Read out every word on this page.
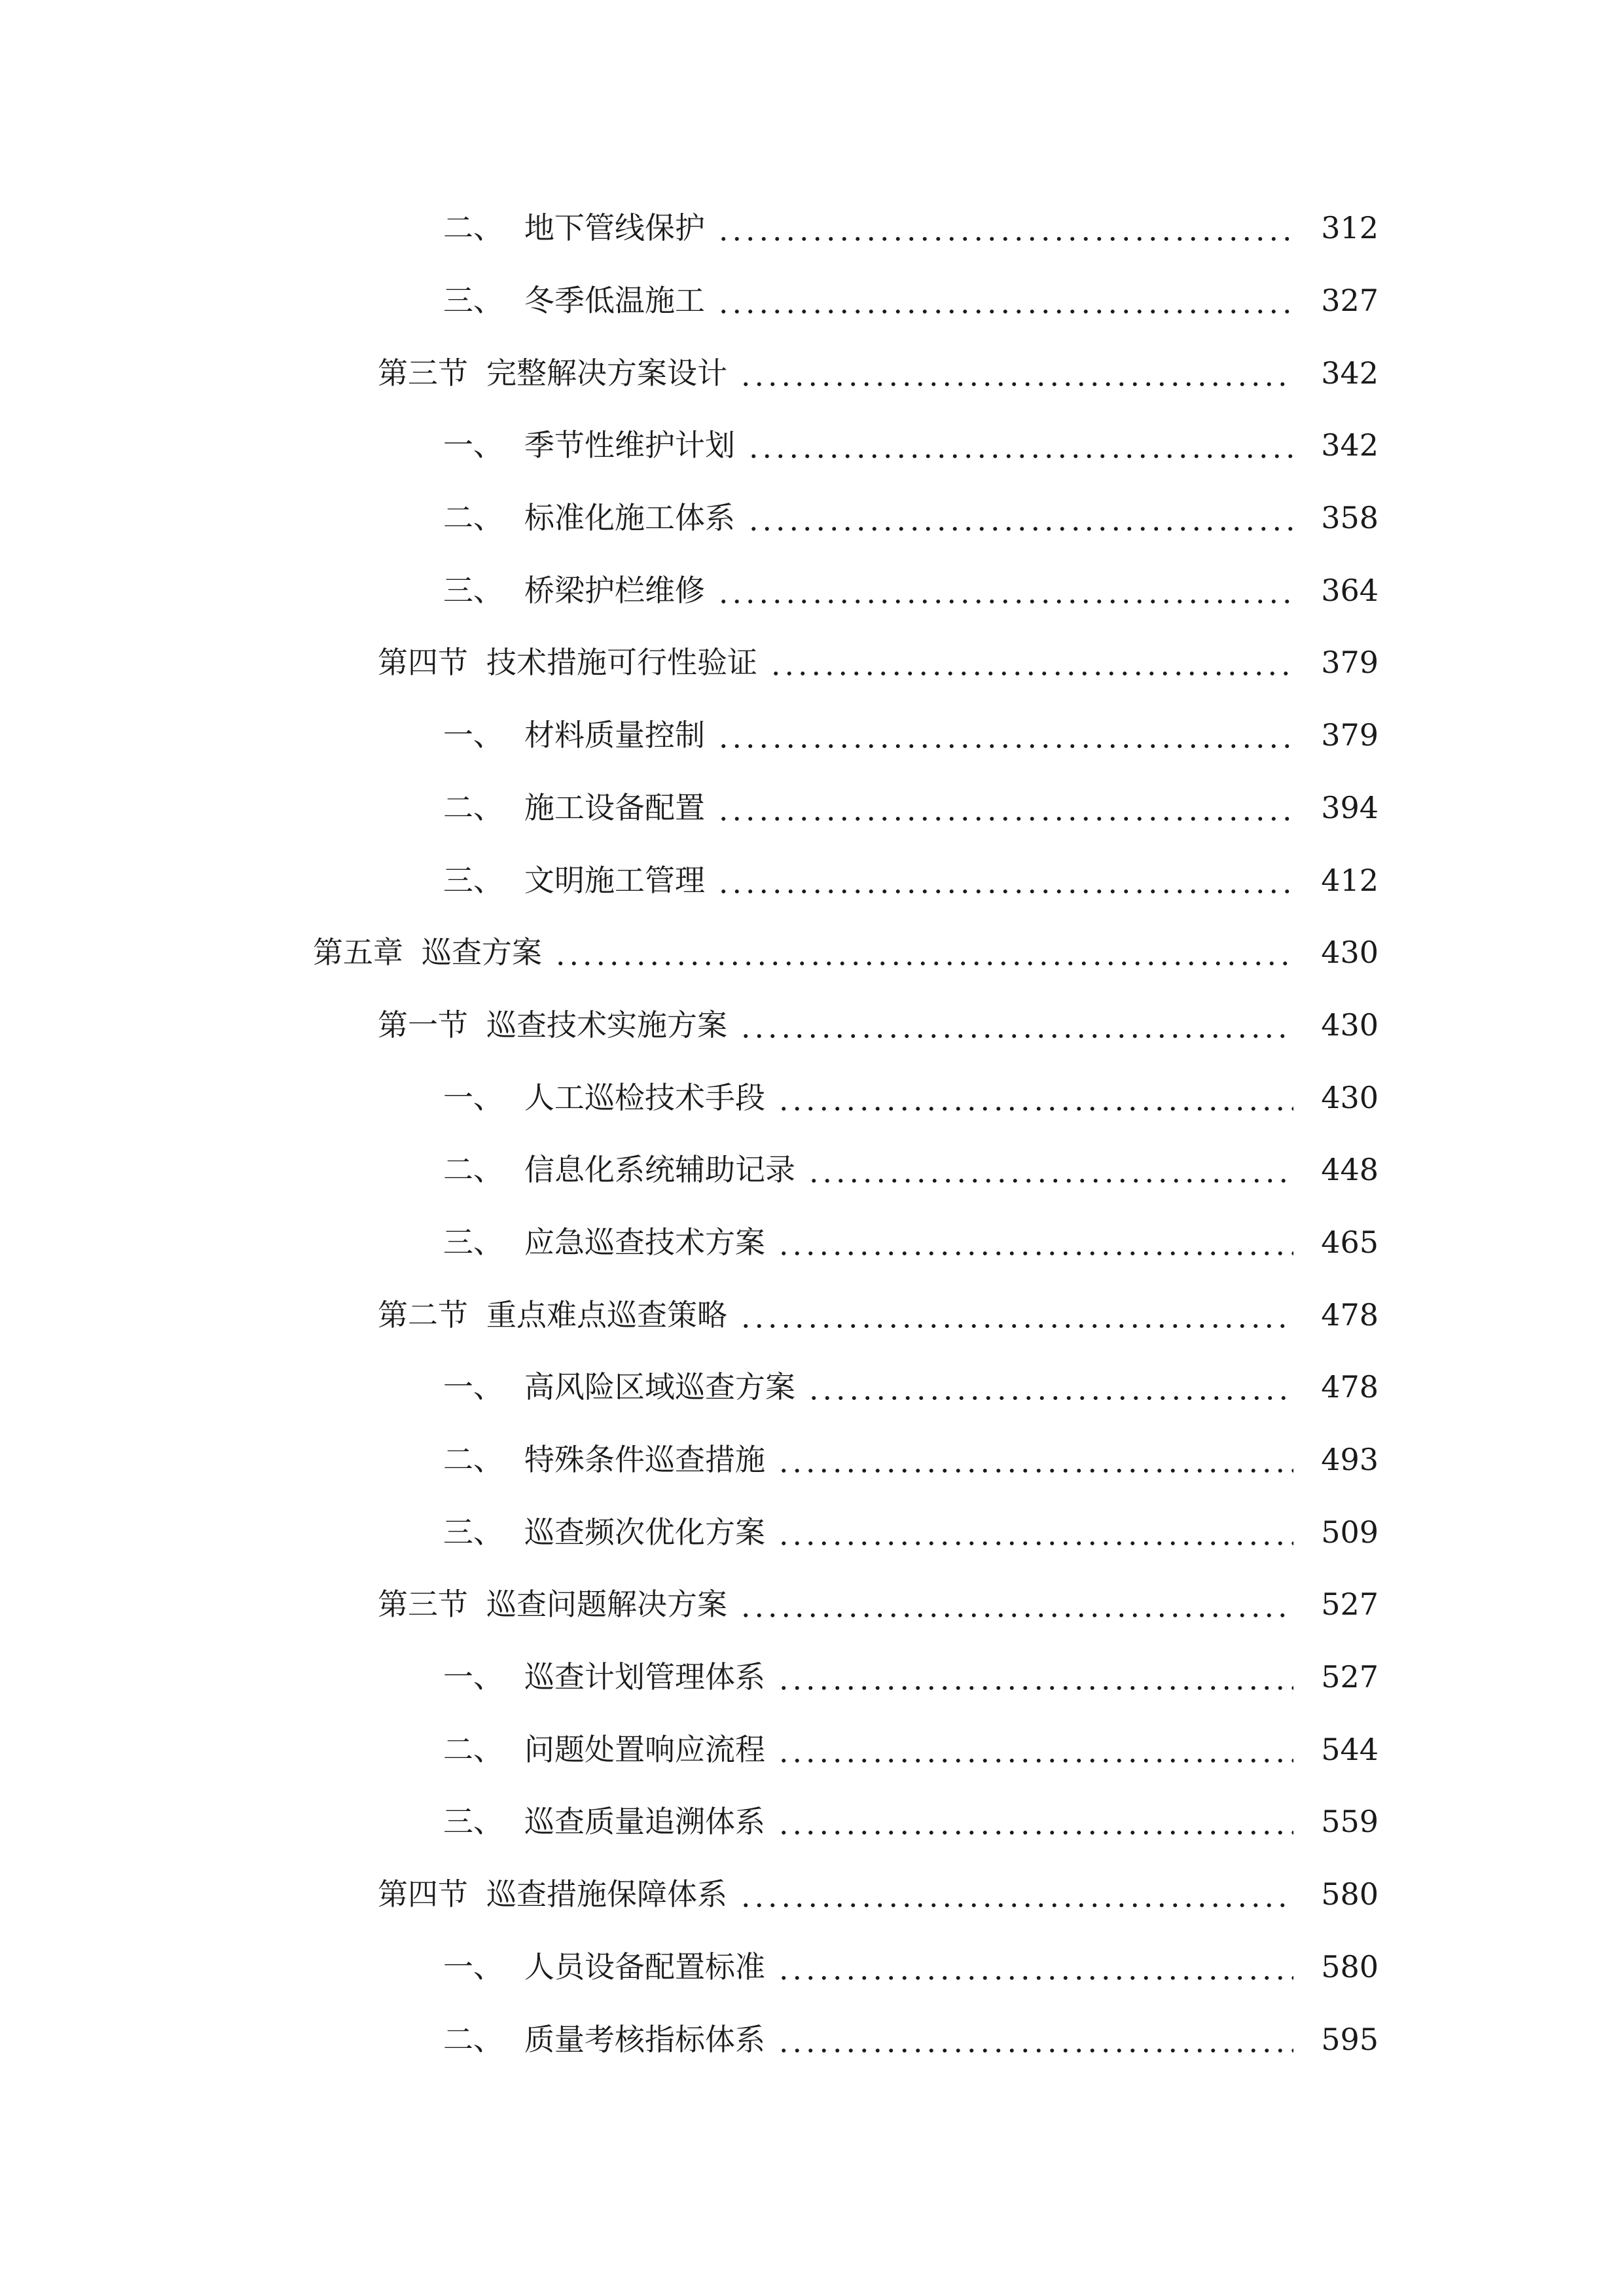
二、 地下管线保护	312
三、 冬季低温施工	327
第三节 完整解决方案设计	342
一、 季节性维护计划	342
二、 标准化施工体系	358
三、 桥梁护栏维修	364
第四节 技术措施可行性验证	379
一、 材料质量控制	379
二、 施工设备配置	394
三、 文明施工管理	412
第五章 巡查方案	430
第一节 巡查技术实施方案	430
一、 人工巡检技术手段	430
二、 信息化系统辅助记录	448
三、 应急巡查技术方案	465
第二节 重点难点巡查策略	478
一、 高风险区域巡查方案	478
二、 特殊条件巡查措施	493
三、 巡查频次优化方案	509
第三节 巡查问题解决方案	527
一、 巡查计划管理体系	527
二、 问题处置响应流程	544
三、 巡查质量追溯体系	559
第四节 巡查措施保障体系	580
一、 人员设备配置标准	580
二、 质量考核指标体系	595
